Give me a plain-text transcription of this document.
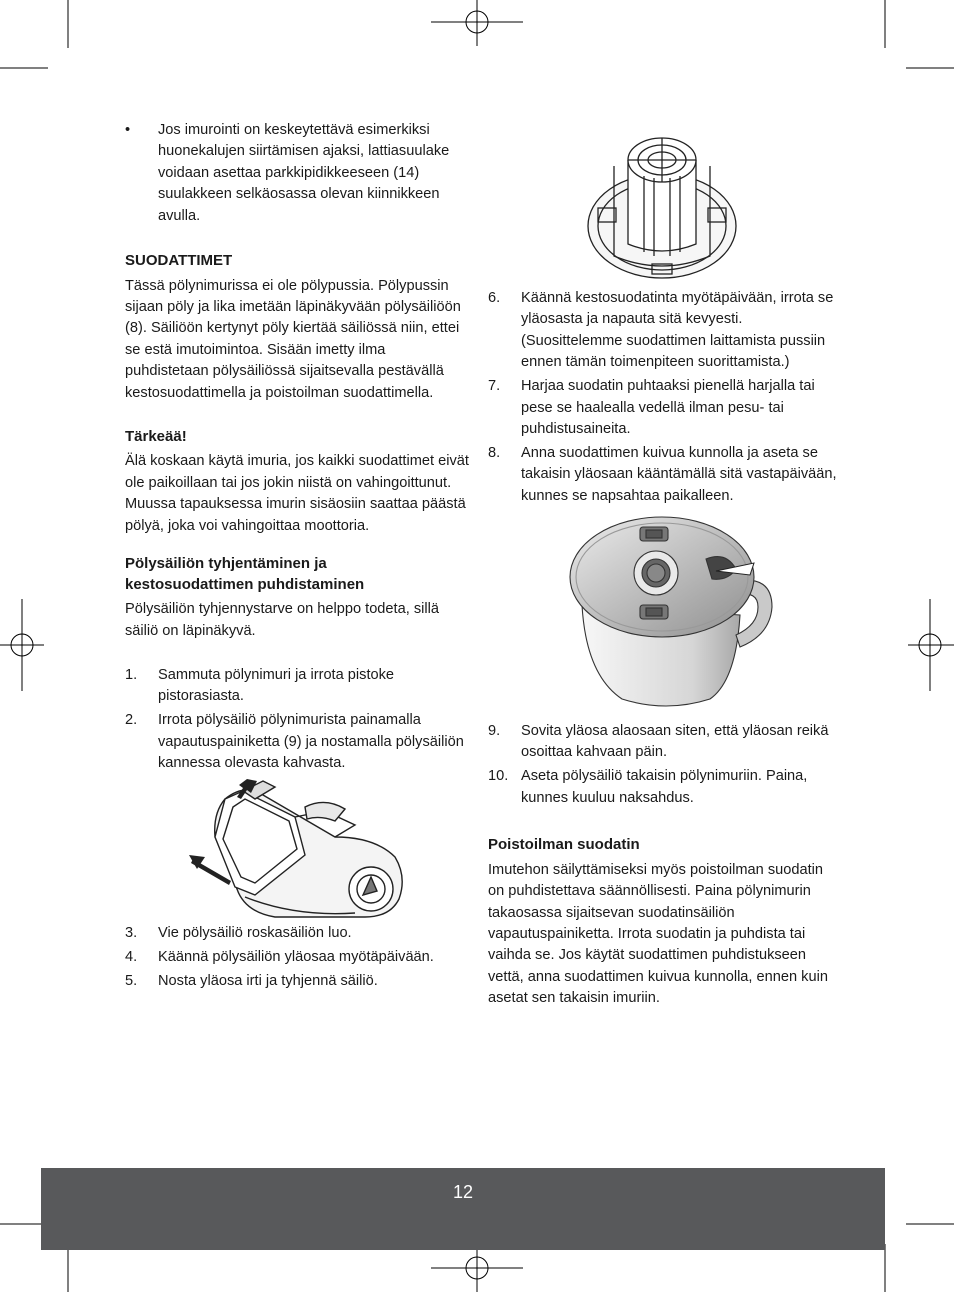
• Jos imurointi on keskeytettävä esimerkiksi huonekalujen siirtämisen ajaksi, lattiasuulake voidaan asettaa parkkipidikkeeseen (14) suulakkeen selkäosassa olevan kiinnikkeen avulla.

SUODATTIMET

Tässä pölynimurissa ei ole pölypussia. Pölypussin sijaan pöly ja lika imetään läpinäkyvään pölysäiliöön (8). Säiliöön kertynyt pöly kiertää säiliössä niin, ettei se estä imutoimintoa. Sisään imetty ilma puhdistetaan pölysäiliössä sijaitsevalla pestävällä kestosuodattimella ja poistoilman suodattimella.

Tärkeää!

Älä koskaan käytä imuria, jos kaikki suodattimet eivät ole paikoillaan tai jos jokin niistä on vahingoittunut. Muussa tapauksessa imurin sisäosiin saattaa päästä pölyä, joka voi vahingoittaa moottoria.

Pölysäiliön tyhjentäminen ja
kestosuodattimen puhdistaminen

Pölysäiliön tyhjennystarve on helppo todeta, sillä säiliö on läpinäkyvä.

1. Sammuta pölynimuri ja irrota pistoke pistorasiasta.

2. Irrota pölysäiliö pölynimurista painamalla vapautuspainiketta (9) ja nostamalla pölysäiliön kannessa olevasta kahvasta.

3. Vie pölysäiliö roskasäiliön luo.

4. Käännä pölysäiliön yläosaa myötäpäivään.

5. Nosta yläosa irti ja tyhjennä säiliö.

6. Käännä kestosuodatinta myötäpäivään, irrota se yläosasta ja napauta sitä kevyesti. (Suosittelemme suodattimen laittamista pussiin ennen tämän toimenpiteen suorittamista.)

7. Harjaa suodatin puhtaaksi pienellä harjalla tai pese se haalealla vedellä ilman pesu- tai puhdistusaineita.

8. Anna suodattimen kuivua kunnolla ja aseta se takaisin yläosaan kääntämällä sitä vastapäivään, kunnes se napsahtaa paikalleen.

9. Sovita yläosa alaosaan siten, että yläosan reikä osoittaa kahvaan päin.

10. Aseta pölysäiliö takaisin pölynimuriin. Paina, kunnes kuuluu naksahdus.

Poistoilman suodatin

Imutehon säilyttämiseksi myös poistoilman suodatin on puhdistettava säännöllisesti. Paina pölynimurin takaosassa sijaitsevan suodatinsäiliön vapautuspainiketta. Irrota suodatin ja puhdista tai vaihda se. Jos käytät suodattimen puhdistukseen vettä, anna suodattimen kuivua kunnolla, ennen kuin asetat sen takaisin imuriin.

12
